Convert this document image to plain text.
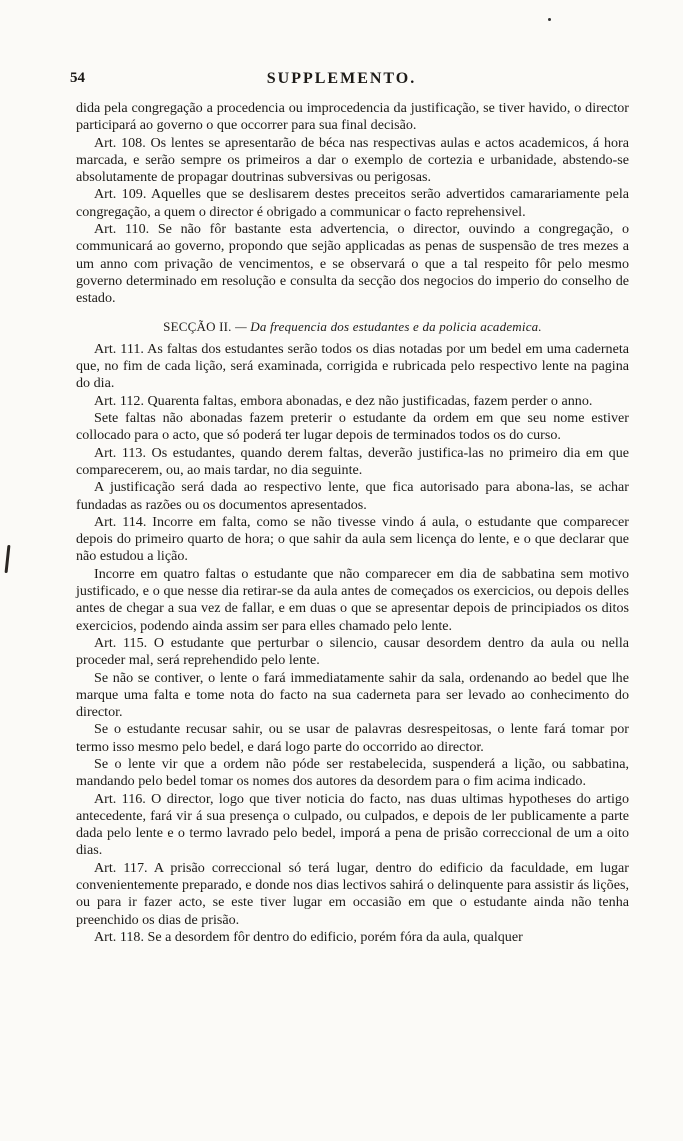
54	SUPPLEMENTO.

dida pela congregação a procedencia ou improcedencia da justificação, se tiver havido, o director participará ao governo o que occorrer para sua final decisão.

Art. 108. Os lentes se apresentarão de béca nas respectivas aulas e actos academicos, á hora marcada, e serão sempre os primeiros a dar o exemplo de cortezia e urbanidade, abstendo-se absolutamente de propagar doutrinas subversivas ou perigosas.

Art. 109. Aquelles que se deslisarem destes preceitos serão advertidos camarariamente pela congregação, a quem o director é obrigado a communicar o facto reprehensivel.

Art. 110. Se não fôr bastante esta advertencia, o director, ouvindo a congregação, o communicará ao governo, propondo que sejão applicadas as penas de suspensão de tres mezes a um anno com privação de vencimentos, e se observará o que a tal respeito fôr pelo mesmo governo determinado em resolução e consulta da secção dos negocios do imperio do conselho de estado.

SECÇÃO II. — Da frequencia dos estudantes e da policia academica.

Art. 111. As faltas dos estudantes serão todos os dias notadas por um bedel em uma caderneta que, no fim de cada lição, será examinada, corrigida e rubricada pelo respectivo lente na pagina do dia.

Art. 112. Quarenta faltas, embora abonadas, e dez não justificadas, fazem perder o anno.

Sete faltas não abonadas fazem preterir o estudante da ordem em que seu nome estiver collocado para o acto, que só poderá ter lugar depois de terminados todos os do curso.

Art. 113. Os estudantes, quando derem faltas, deverão justifica-las no primeiro dia em que comparecerem, ou, ao mais tardar, no dia seguinte.

A justificação será dada ao respectivo lente, que fica autorisado para abona-las, se achar fundadas as razões ou os documentos apresentados.

Art. 114. Incorre em falta, como se não tivesse vindo á aula, o estudante que comparecer depois do primeiro quarto de hora; o que sahir da aula sem licença do lente, e o que declarar que não estudou a lição.

Incorre em quatro faltas o estudante que não comparecer em dia de sabbatina sem motivo justificado, e o que nesse dia retirar-se da aula antes de começados os exercicios, ou depois delles antes de chegar a sua vez de fallar, e em duas o que se apresentar depois de principiados os ditos exercicios, podendo ainda assim ser para elles chamado pelo lente.

Art. 115. O estudante que perturbar o silencio, causar desordem dentro da aula ou nella proceder mal, será reprehendido pelo lente.

Se não se contiver, o lente o fará immediatamente sahir da sala, ordenando ao bedel que lhe marque uma falta e tome nota do facto na sua caderneta para ser levado ao conhecimento do director.

Se o estudante recusar sahir, ou se usar de palavras desrespeitosas, o lente fará tomar por termo isso mesmo pelo bedel, e dará logo parte do occorrido ao director.

Se o lente vir que a ordem não póde ser restabelecida, suspenderá a lição, ou sabbatina, mandando pelo bedel tomar os nomes dos autores da desordem para o fim acima indicado.

Art. 116. O director, logo que tiver noticia do facto, nas duas ultimas hypotheses do artigo antecedente, fará vir á sua presença o culpado, ou culpados, e depois de ler publicamente a parte dada pelo lente e o termo lavrado pelo bedel, imporá a pena de prisão correccional de um a oito dias.

Art. 117. A prisão correccional só terá lugar, dentro do edificio da faculdade, em lugar convenientemente preparado, e donde nos dias lectivos sahirá o delinquente para assistir ás lições, ou para ir fazer acto, se este tiver lugar em occasião em que o estudante ainda não tenha preenchido os dias de prisão.

Art. 118. Se a desordem fôr dentro do edificio, porém fóra da aula, qualquer
